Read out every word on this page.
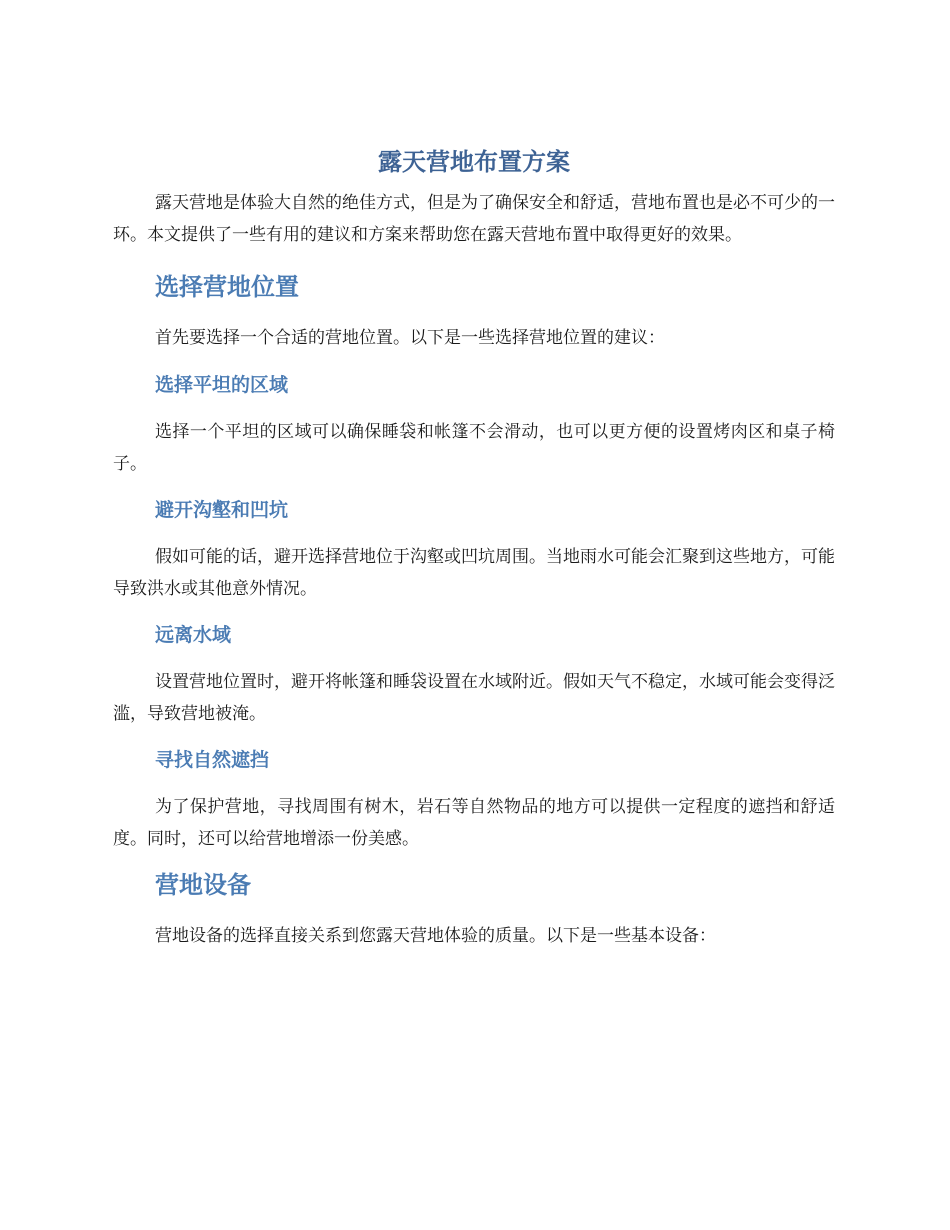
露天营地布置方案

露天营地是体验大自然的绝佳方式，但是为了确保安全和舒适，营地布置也是必不可少的一环。本文提供了一些有用的建议和方案来帮助您在露天营地布置中取得更好的效果。

选择营地位置

首先要选择一个合适的营地位置。以下是一些选择营地位置的建议：

选择平坦的区域

选择一个平坦的区域可以确保睡袋和帐篷不会滑动，也可以更方便的设置烤肉区和桌子椅子。

避开沟壑和凹坑

假如可能的话，避开选择营地位于沟壑或凹坑周围。当地雨水可能会汇聚到这些地方，可能导致洪水或其他意外情况。

远离水域

设置营地位置时，避开将帐篷和睡袋设置在水域附近。假如天气不稳定，水域可能会变得泛滥，导致营地被淹。

寻找自然遮挡

为了保护营地，寻找周围有树木，岩石等自然物品的地方可以提供一定程度的遮挡和舒适度。同时，还可以给营地增添一份美感。

营地设备

营地设备的选择直接关系到您露天营地体验的质量。以下是一些基本设备：
